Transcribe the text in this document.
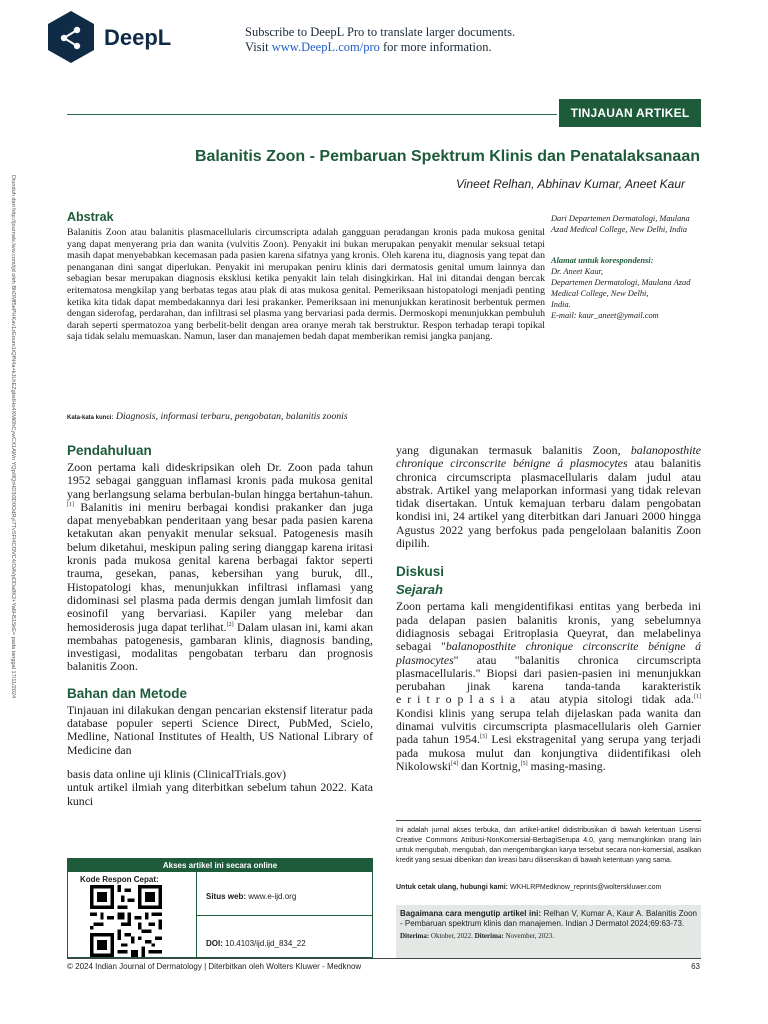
DeepL	Subscribe to DeepL Pro to translate larger documents.
Visit www.DeepL.com/pro for more information.
Diunduh dari http://journals.lww.com/ijd oleh BhDMf5ePHKav1zEoum1tQfN4a+kJLhEZgbsIHo4XMi0hCywCX1AWn YQp/IlQrHD3i3D0OdRyi7TvSFl4Cf3VC4/OAVpDDa8K2+Ya6H515kE= pada tanggal 17/11/2024
TINJAUAN ARTIKEL
Balanitis Zoon - Pembaruan Spektrum Klinis dan Penatalaksanaan
Vineet Relhan, Abhinav Kumar, Aneet Kaur
Abstrak
Balanitis Zoon atau balanitis plasmacellularis circumscripta adalah gangguan peradangan kronis pada mukosa genital yang dapat menyerang pria dan wanita (vulvitis Zoon). Penyakit ini bukan merupakan penyakit menular seksual tetapi masih dapat menyebabkan kecemasan pada pasien karena sifatnya yang kronis. Oleh karena itu, diagnosis yang tepat dan penanganan dini sangat diperlukan. Penyakit ini merupakan peniru klinis dari dermatosis genital umum lainnya dan sebagian besar merupakan diagnosis eksklusi ketika penyakit lain telah disingkirkan. Hal ini ditandai dengan bercak eritematosa mengkilap yang berbatas tegas atau plak di atas mukosa genital. Pemeriksaan histopatologi menjadi penting ketika kita tidak dapat membedakannya dari lesi prakanker. Pemeriksaan ini menunjukkan keratinosit berbentuk permen dengan siderofag, perdarahan, dan infiltrasi sel plasma yang bervariasi pada dermis. Dermoskopi menunjukkan pembuluh darah seperti spermatozoa yang berbelit-belit dengan area oranye merah tak berstruktur. Respon terhadap terapi topikal saja tidak selalu memuaskan. Namun, laser dan manajemen bedah dapat memberikan remisi jangka panjang.
Kata-kata kunci: Diagnosis, informasi terbaru, pengobatan, balanitis zoonis

Dari Departemen Dermatologi, Maulana Azad Medical College, New Delhi, India

Alamat untuk korespondensi:

Dr. Aneet Kaur,

Departemen Dermatologi, Maulana Azad Medical College, New Delhi,

India.

E-mail: kaur_aneet@ymail.com

Pendahuluan
Zoon pertama kali dideskripsikan oleh Dr. Zoon pada tahun 1952 sebagai gangguan inflamasi kronis pada mukosa genital yang berlangsung selama berbulan-bulan hingga bertahun-tahun.[1] Balanitis ini meniru berbagai kondisi prakanker dan juga dapat menyebabkan penderitaan yang besar pada pasien karena ketakutan akan penyakit menular seksual. Patogenesis masih belum diketahui, meskipun paling sering dianggap karena iritasi kronis pada mukosa genital karena berbagai faktor seperti trauma, gesekan, panas, kebersihan yang buruk, dll., Histopatologi khas, menunjukkan infiltrasi inflamasi yang didominasi sel plasma pada dermis dengan jumlah limfosit dan eosinofil yang bervariasi. Kapiler yang melebar dan hemosiderosis juga dapat terlihat.[2] Dalam ulasan ini, kami akan membahas patogenesis, gambaran klinis, diagnosis banding, investigasi, modalitas pengobatan terbaru dan prognosis balanitis Zoon.
Bahan dan Metode
Tinjauan ini dilakukan dengan pencarian ekstensif literatur pada database populer seperti Science Direct, PubMed, Scielo, Medline, National Institutes of Health, US National Library of Medicine dan
basis data online uji klinis (ClinicalTrials.gov)
untuk artikel ilmiah yang diterbitkan sebelum tahun 2022. Kata kunci
yang digunakan termasuk balanitis Zoon, balanoposthite chronique circonscrite bénigne á plasmocytes atau balanitis chronica circumscripta plasmacellularis dalam judul atau abstrak. Artikel yang melaporkan informasi yang tidak relevan tidak disertakan. Untuk kemajuan terbaru dalam pengobatan kondisi ini, 24 artikel yang diterbitkan dari Januari 2000 hingga Agustus 2022 yang berfokus pada pengelolaan balanitis Zoon dipilih.
Diskusi
Sejarah
Zoon pertama kali mengidentifikasi entitas yang berbeda ini pada delapan pasien balanitis kronis, yang sebelumnya didiagnosis sebagai Eritroplasia Queyrat, dan melabelinya sebagai "balanoposthite chronique circonscrite bénigne á plasmocytes" atau "balanitis chronica circumscripta plasmacellularis." Biopsi dari pasien-pasien ini menunjukkan perubahan jinak karena tanda-tanda karakteristik eritroplasia atau atypia sitologi tidak ada.[1] Kondisi klinis yang serupa telah dijelaskan pada wanita dan dinamai vulvitis circumscripta plasmacellularis oleh Garnier pada tahun 1954.[3] Lesi ekstragenital yang serupa yang terjadi pada mukosa mulut dan konjungtiva diidentifikasi oleh Nikolowski[4] dan Kortnig,[5] masing-masing.
Akses artikel ini secara online
Kode Respon Cepat:
Situs web: www.e-ijd.org
DOI: 10.4103/ijd.ijd_834_22
Ini adalah jurnal akses terbuka, dan artikel-artikel didistribusikan di bawah ketentuan Lisensi Creative Commons Atribusi-NonKomersial-BerbagiSerupa 4.0, yang memungkinkan orang lain untuk mengubah, mengubah, dan mengembangkan karya tersebut secara non-komersial, asalkan kredit yang sesuai diberikan dan kreasi baru dilisensikan di bawah ketentuan yang sama.
Untuk cetak ulang, hubungi kami: WKHLRPMedknow_reprints@wolterskluwer.com
Bagaimana cara mengutip artikel ini: Relhan V, Kumar A, Kaur A. Balanitis Zoon - Pembaruan spektrum klinis dan manajemen. Indian J Dermatol 2024;69:63-73.
Diterima: Oktober, 2022. Diterima: November, 2023.
© 2024 Indian Journal of Dermatology | Diterbitkan oleh Wolters Kluwer - Medknow	63
